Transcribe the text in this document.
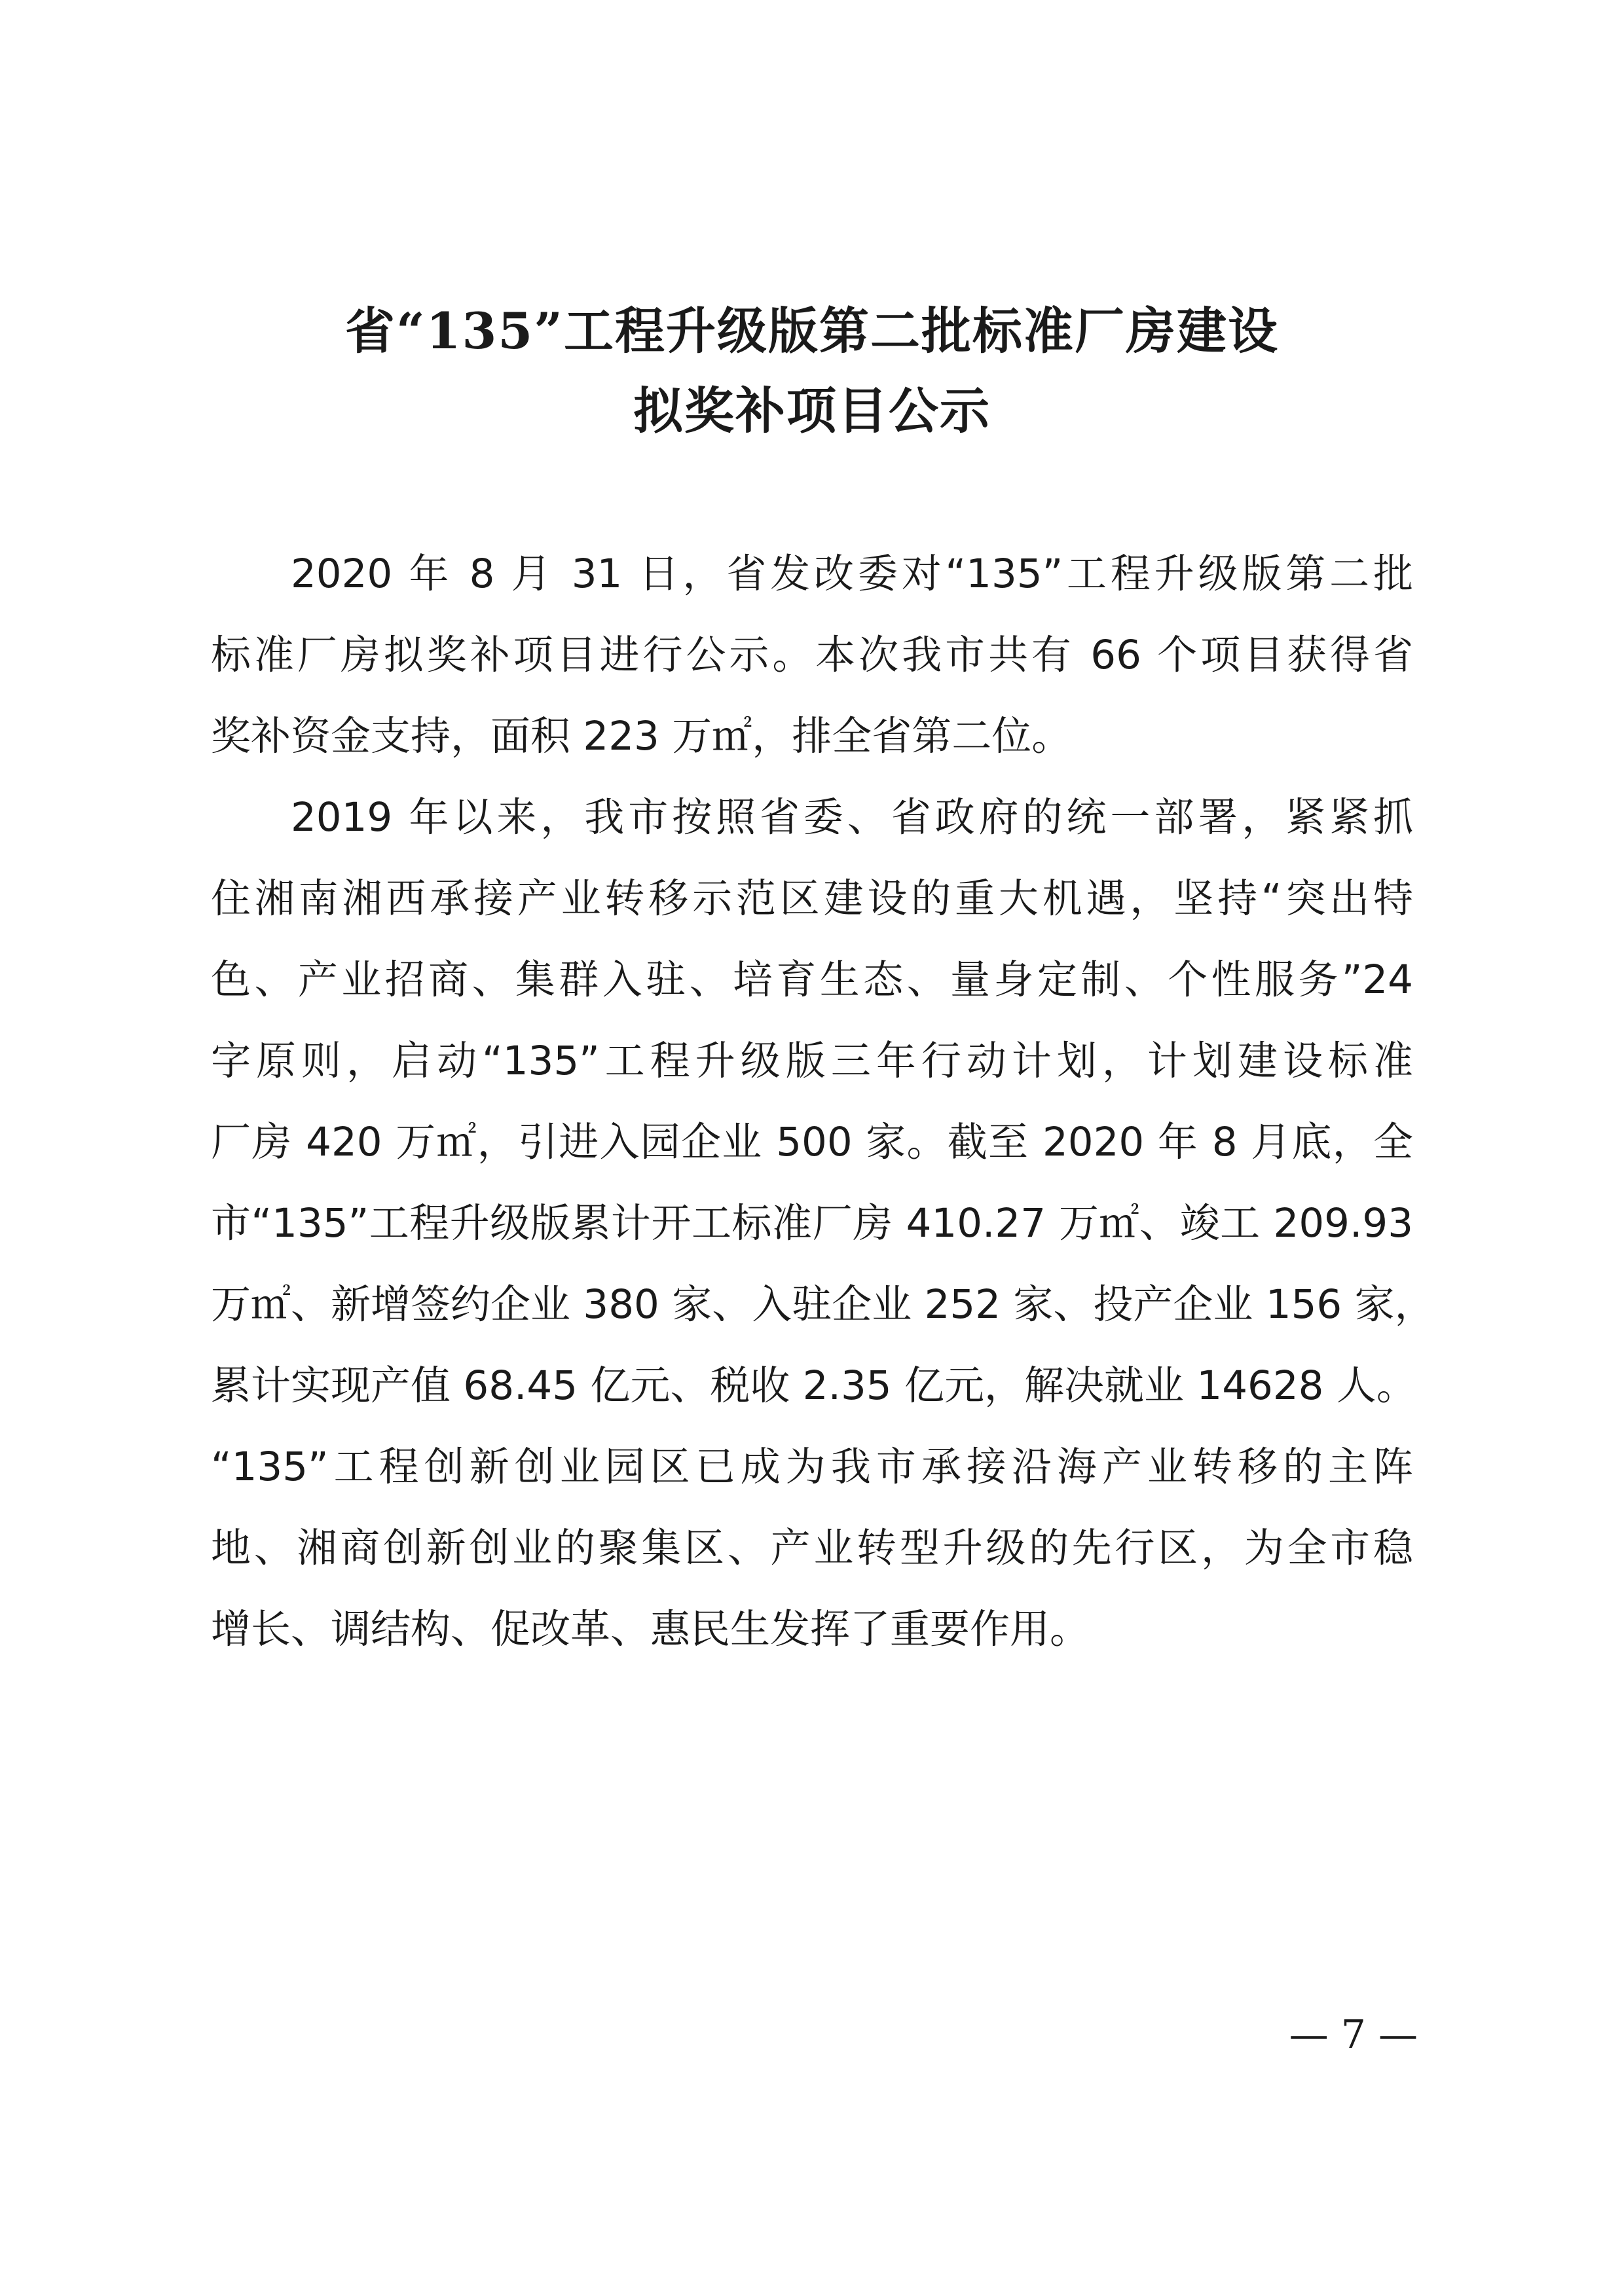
省“135”工程升级版第二批标准厂房建设
拟奖补项目公示
2020 年 8 月 31 日，省发改委对“135”工程升级版第二批
标准厂房拟奖补项目进行公示。本次我市共有 66 个项目获得省
奖补资金支持，面积 223 万㎡，排全省第二位。
2019 年以来，我市按照省委、省政府的统一部署，紧紧抓
住湘南湘西承接产业转移示范区建设的重大机遇，坚持“突出特
色、产业招商、集群入驻、培育生态、量身定制、个性服务”24
字原则，启动“135”工程升级版三年行动计划，计划建设标准
厂房 420 万㎡，引进入园企业 500 家。截至 2020 年 8 月底，全
市“135”工程升级版累计开工标准厂房 410.27 万㎡、竣工 209.93
万㎡、新增签约企业 380 家、入驻企业 252 家、投产企业 156 家，
累计实现产值 68.45 亿元、税收 2.35 亿元，解决就业 14628 人。
“135”工程创新创业园区已成为我市承接沿海产业转移的主阵
地、湘商创新创业的聚集区、产业转型升级的先行区，为全市稳
增长、调结构、促改革、惠民生发挥了重要作用。
— 7 —
